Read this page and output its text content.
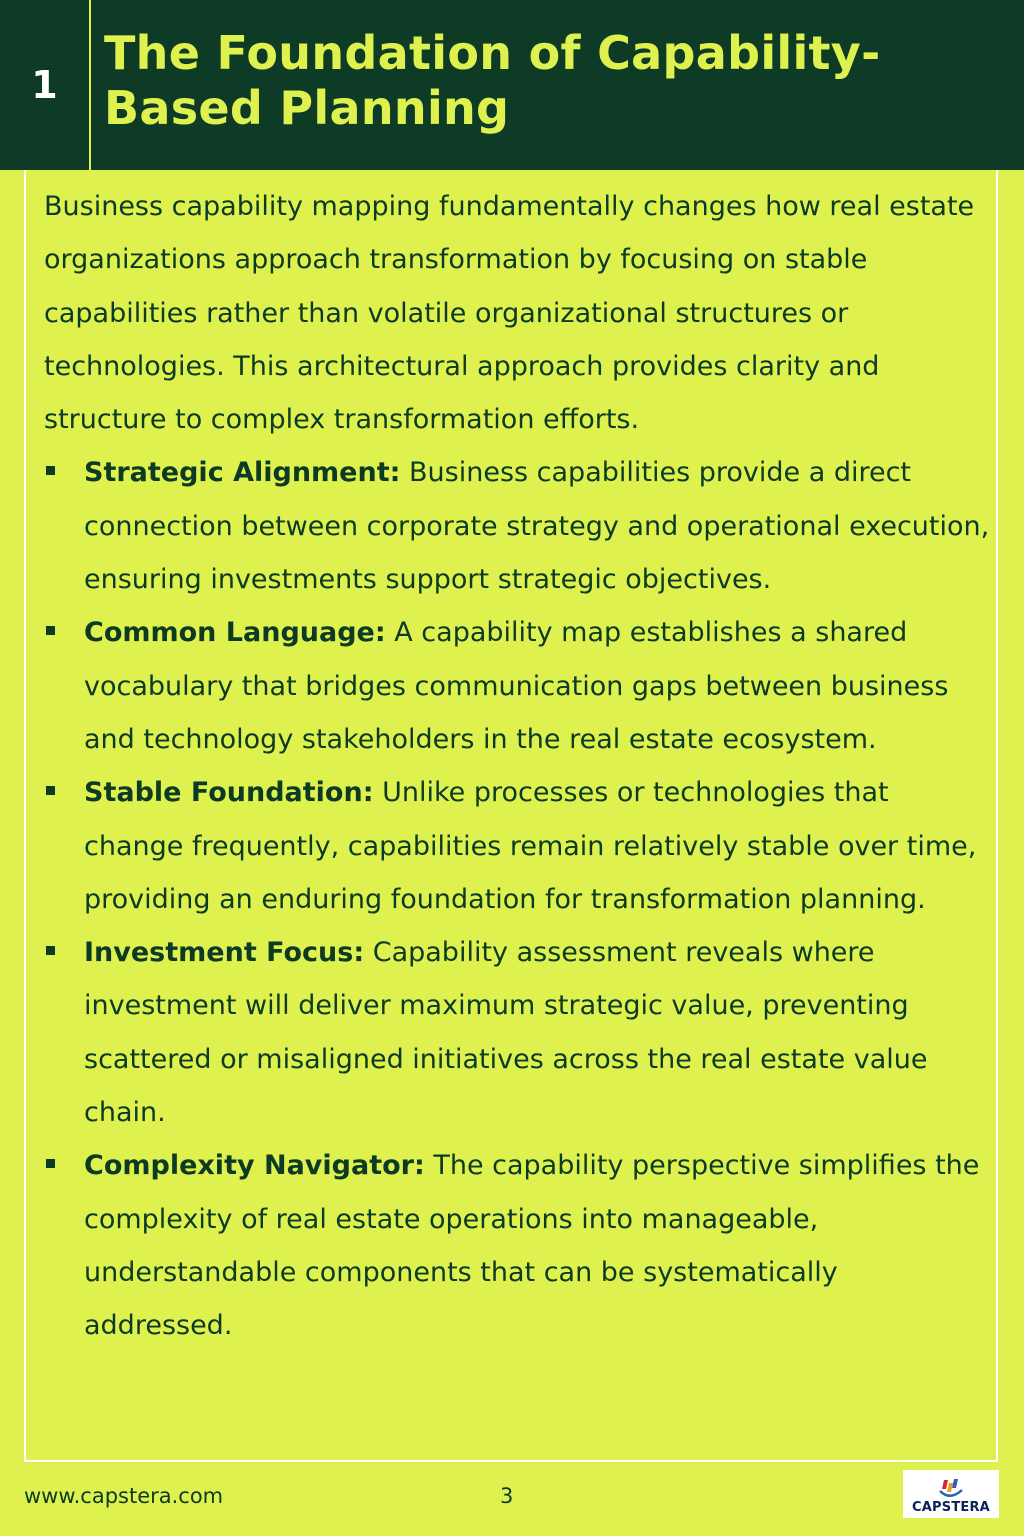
1
The Foundation of Capability-Based Planning

Business capability mapping fundamentally changes how real estate organizations approach transformation by focusing on stable capabilities rather than volatile organizational structures or technologies. This architectural approach provides clarity and structure to complex transformation efforts.

Strategic Alignment: Business capabilities provide a direct connection between corporate strategy and operational execution, ensuring investments support strategic objectives.
Common Language: A capability map establishes a shared vocabulary that bridges communication gaps between business and technology stakeholders in the real estate ecosystem.
Stable Foundation: Unlike processes or technologies that change frequently, capabilities remain relatively stable over time, providing an enduring foundation for transformation planning.
Investment Focus: Capability assessment reveals where investment will deliver maximum strategic value, preventing scattered or misaligned initiatives across the real estate value chain.
Complexity Navigator: The capability perspective simplifies the complexity of real estate operations into manageable, understandable components that can be systematically addressed.
www.capstera.com	3	CAPSTERA
